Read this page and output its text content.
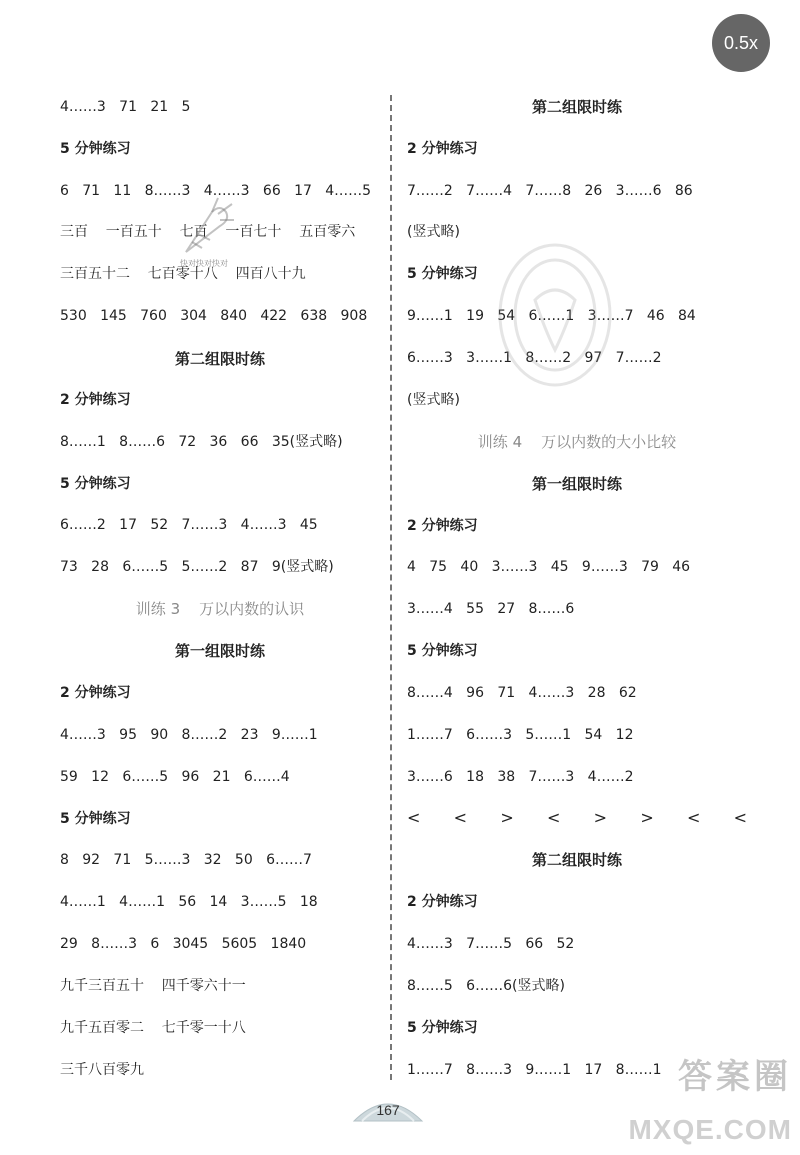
4……3   71   21   5
5 分钟练习
6   71   11   8……3   4……3   66   17   4……5
三百    一百五十    七百    一百七十    五百零六
三百五十二    七百零十八    四百八十九
530   145   760   304   840   422   638   908
第二组限时练
2 分钟练习
8……1   8……6   72   36   66   35(竖式略)
5 分钟练习
6……2   17   52   7……3   4……3   45
73   28   6……5   5……2   87   9(竖式略)
训练 3    万以内数的认识
第一组限时练
2 分钟练习
4……3   95   90   8……2   23   9……1
59   12   6……5   96   21   6……4
5 分钟练习
8   92   71   5……3   32   50   6……7
4……1   4……1   56   14   3……5   18
29   8……3   6   3045   5605   1840
九千三百五十    四千零六十一
九千五百零二    七千零一十八
三千八百零九
第二组限时练
2 分钟练习
7……2   7……4   7……8   26   3……6   86
(竖式略)
5 分钟练习
9……1   19   54   6……1   3……7   46   84
6……3   3……1   8……2   97   7……2
(竖式略)
训练 4    万以内数的大小比较
第一组限时练
2 分钟练习
4   75   40   3……3   45   9……3   79   46
3……4   55   27   8……6
5 分钟练习
8……4   96   71   4……3   28   62
1……7   6……3   5……1   54   12
3……6   18   38   7……3   4……2
<   <   >   <   >   >   <   <
第二组限时练
2 分钟练习
4……3   7……5   66   52
8……5   6……6(竖式略)
5 分钟练习
1……7   8……3   9……1   17   8……1
快对快对快对
167
0.5x
答案圈
MXQE.COM
